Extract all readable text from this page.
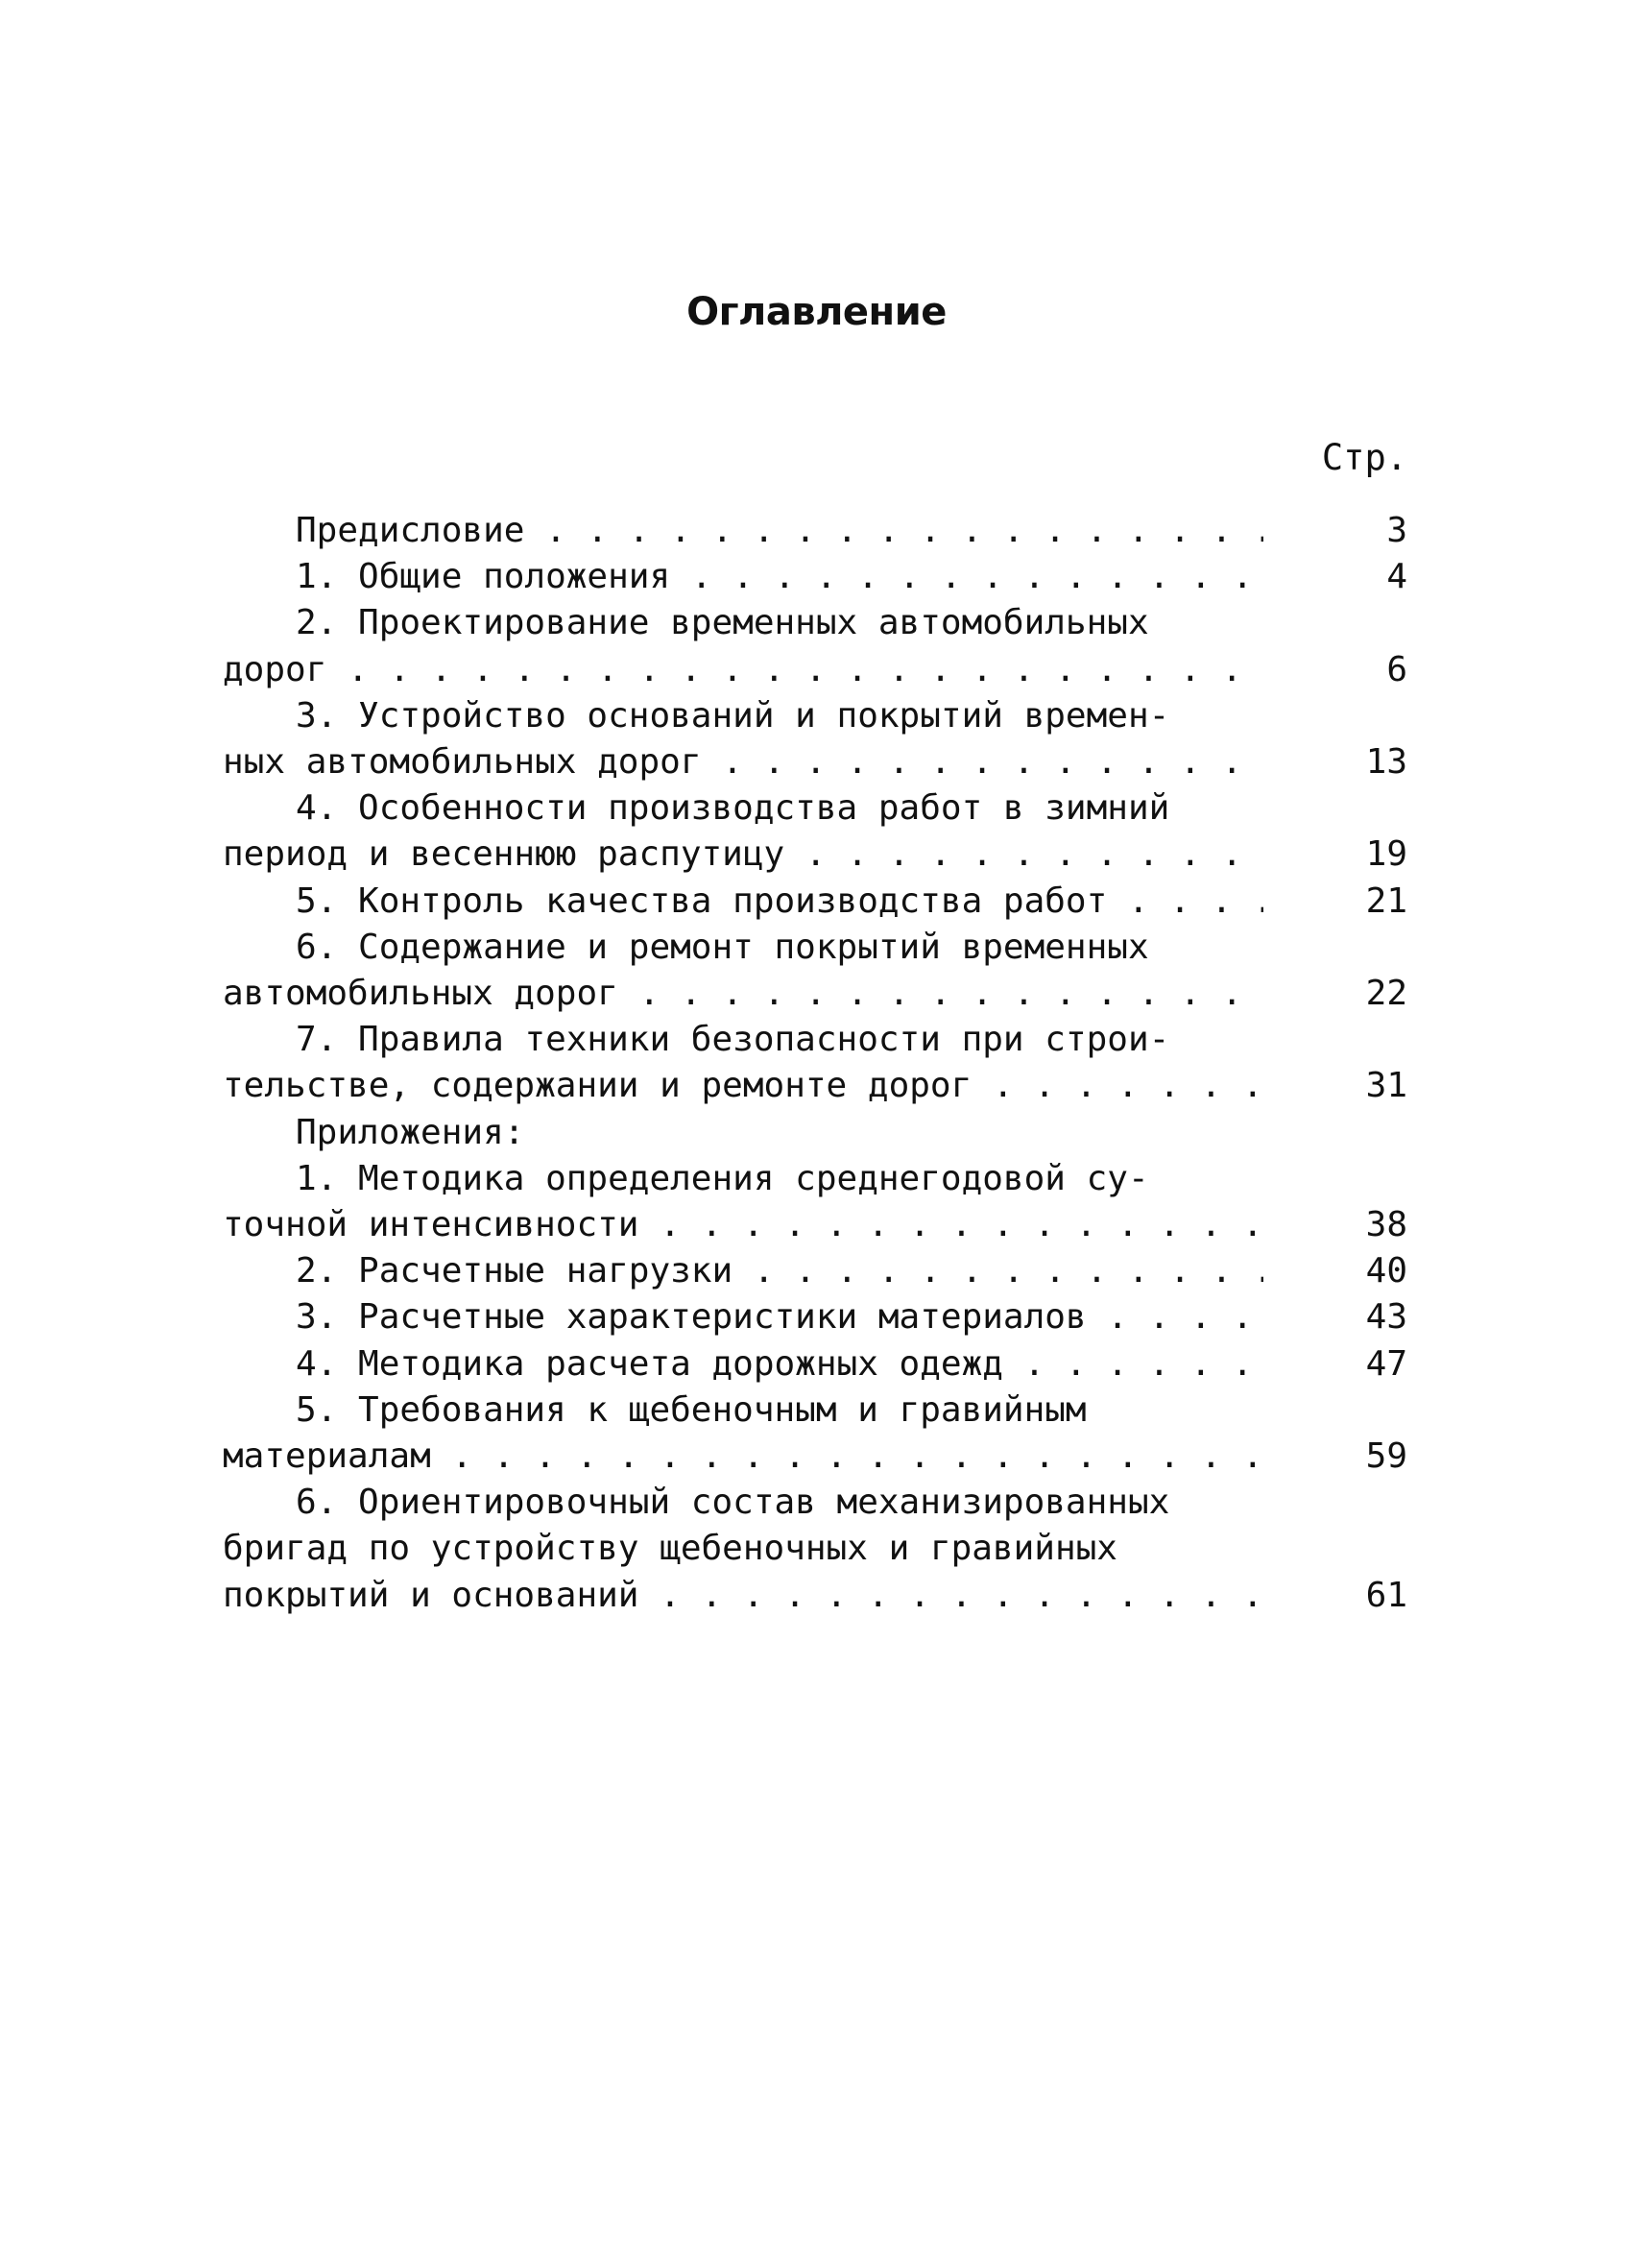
Оглавление
Стр.
Предисловие . . .	3
1. Общие положения . . .	4
2. Проектирование временных автомобильных
дорог . . .	6
3. Устройство оснований и покрытий времен-
ных автомобильных дорог . . .	13
4. Особенности производства работ в зимний
период и весеннюю распутицу . . .	19
5. Контроль качества производства работ . . .	21
6. Содержание и ремонт покрытий временных
автомобильных дорог . . .	22
7. Правила техники безопасности при строи-
тельстве, содержании и ремонте дорог . . .	31
Приложения:
1. Методика определения среднегодовой су-
точной интенсивности . . .	38
2. Расчетные нагрузки . . .	40
3. Расчетные характеристики материалов . . .	43
4. Методика расчета дорожных одежд . . .	47
5. Требования к щебеночным и гравийным
материалам . . .	59
6. Ориентировочный состав механизированных
бригад по устройству щебеночных и гравийных
покрытий и оснований . . .	61
